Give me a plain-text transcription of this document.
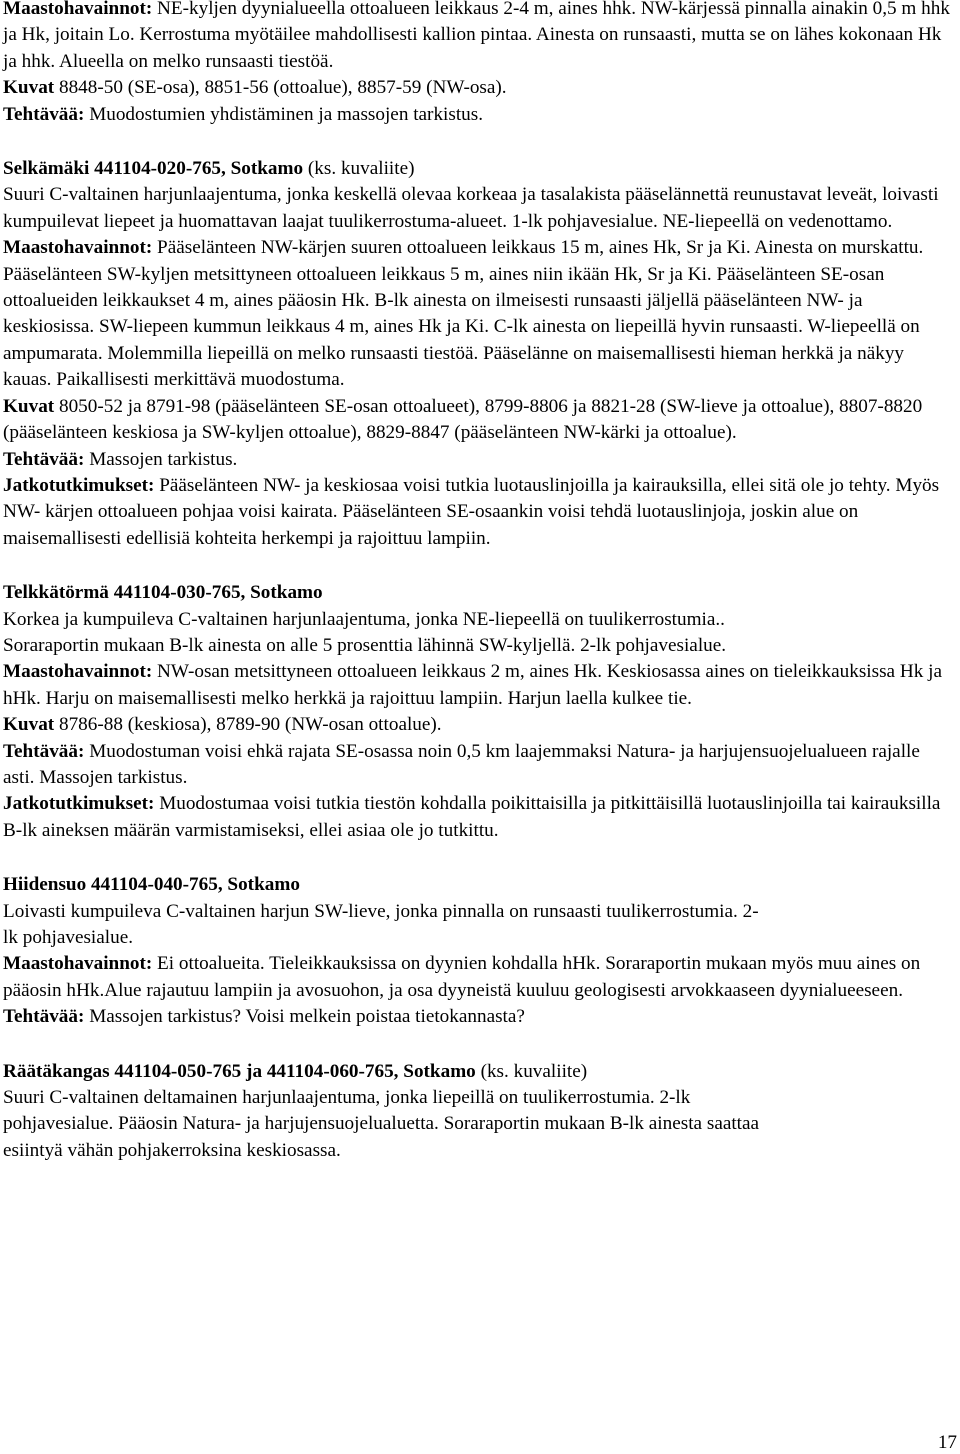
Maastohavainnot: NE-kyljen dyynialueella ottoalueen leikkaus 2-4 m, aines hhk. NW-kärjessä pinnalla ainakin 0,5 m hhk ja Hk, joitain Lo. Kerrostuma myötäilee mahdollisesti kallion pintaa. Ainesta on runsaasti, mutta se on lähes kokonaan Hk ja hhk. Alueella on melko runsaasti tiestöä.

Kuvat 8848-50 (SE-osa), 8851-56 (ottoalue), 8857-59 (NW-osa).

Tehtävää: Muodostumien yhdistäminen ja massojen tarkistus.

Selkämäki 441104-020-765, Sotkamo (ks. kuvaliite)

Suuri C-valtainen harjunlaajentuma, jonka keskellä olevaa korkeaa ja tasalakista pääselännettä reunustavat leveät, loivasti kumpuilevat liepeet ja huomattavan laajat tuulikerrostuma-alueet. 1-lk pohjavesialue. NE-liepeellä on vedenottamo.

Maastohavainnot: Pääselänteen NW-kärjen suuren ottoalueen leikkaus 15 m, aines Hk, Sr ja Ki. Ainesta on murskattu. Pääselänteen SW-kyljen metsittyneen ottoalueen leikkaus 5 m, aines niin ikään Hk, Sr ja Ki. Pääselänteen SE-osan ottoalueiden leikkaukset 4 m, aines pääosin Hk. B-lk ainesta on ilmeisesti runsaasti jäljellä pääselänteen NW- ja keskiosissa. SW-liepeen kummun leikkaus 4 m, aines Hk ja Ki. C-lk ainesta on liepeillä hyvin runsaasti. W-liepeellä on ampumarata. Molemmilla liepeillä on melko runsaasti tiestöä. Pääselänne on maisemallisesti hieman herkkä ja näkyy kauas. Paikallisesti merkittävä muodostuma.

Kuvat 8050-52 ja 8791-98 (pääselänteen SE-osan ottoalueet), 8799-8806 ja 8821-28 (SW-lieve ja ottoalue), 8807-8820 (pääselänteen keskiosa ja SW-kyljen ottoalue), 8829-8847 (pääselänteen NW-kärki ja ottoalue).

Tehtävää: Massojen tarkistus.

Jatkotutkimukset: Pääselänteen NW- ja keskiosaa voisi tutkia luotauslinjoilla ja kairauksilla, ellei sitä ole jo tehty. Myös NW- kärjen ottoalueen pohjaa voisi kairata. Pääselänteen SE-osaankin voisi tehdä luotauslinjoja, joskin alue on maisemallisesti edellisiä kohteita herkempi ja rajoittuu lampiin.

Telkkätörmä 441104-030-765, Sotkamo

Korkea ja kumpuileva C-valtainen harjunlaajentuma, jonka NE-liepeellä on tuulikerrostumia..

Soraraportin mukaan B-lk ainesta on alle 5 prosenttia lähinnä SW-kyljellä. 2-lk pohjavesialue.

Maastohavainnot: NW-osan metsittyneen ottoalueen leikkaus 2 m, aines Hk. Keskiosassa aines on tieleikkauksissa Hk ja hHk. Harju on maisemallisesti melko herkkä ja rajoittuu lampiin. Harjun laella kulkee tie.

Kuvat 8786-88 (keskiosa), 8789-90 (NW-osan ottoalue).

Tehtävää: Muodostuman voisi ehkä rajata SE-osassa noin 0,5 km laajemmaksi Natura- ja harjujensuojelualueen rajalle asti. Massojen tarkistus.

Jatkotutkimukset: Muodostumaa voisi tutkia tiestön kohdalla poikittaisilla ja pitkittäisillä luotauslinjoilla tai kairauksilla B-lk aineksen määrän varmistamiseksi, ellei asiaa ole jo tutkittu.

Hiidensuo 441104-040-765, Sotkamo

Loivasti kumpuileva C-valtainen harjun SW-lieve, jonka pinnalla on runsaasti tuulikerrostumia. 2-
lk pohjavesialue.

Maastohavainnot: Ei ottoalueita. Tieleikkauksissa on dyynien kohdalla hHk. Soraraportin mukaan myös muu aines on pääosin hHk.Alue rajautuu lampiin ja avosuohon, ja osa dyyneistä kuuluu geologisesti arvokkaaseen dyynialueeseen.

Tehtävää: Massojen tarkistus? Voisi melkein poistaa tietokannasta?

Räätäkangas 441104-050-765 ja 441104-060-765, Sotkamo (ks. kuvaliite)

Suuri C-valtainen deltamainen harjunlaajentuma, jonka liepeillä on tuulikerrostumia. 2-lk
pohjavesialue. Pääosin Natura- ja harjujensuojelualuetta. Soraraportin mukaan B-lk ainesta saattaa
esiintyä vähän pohjakerroksina keskiosassa.

17
